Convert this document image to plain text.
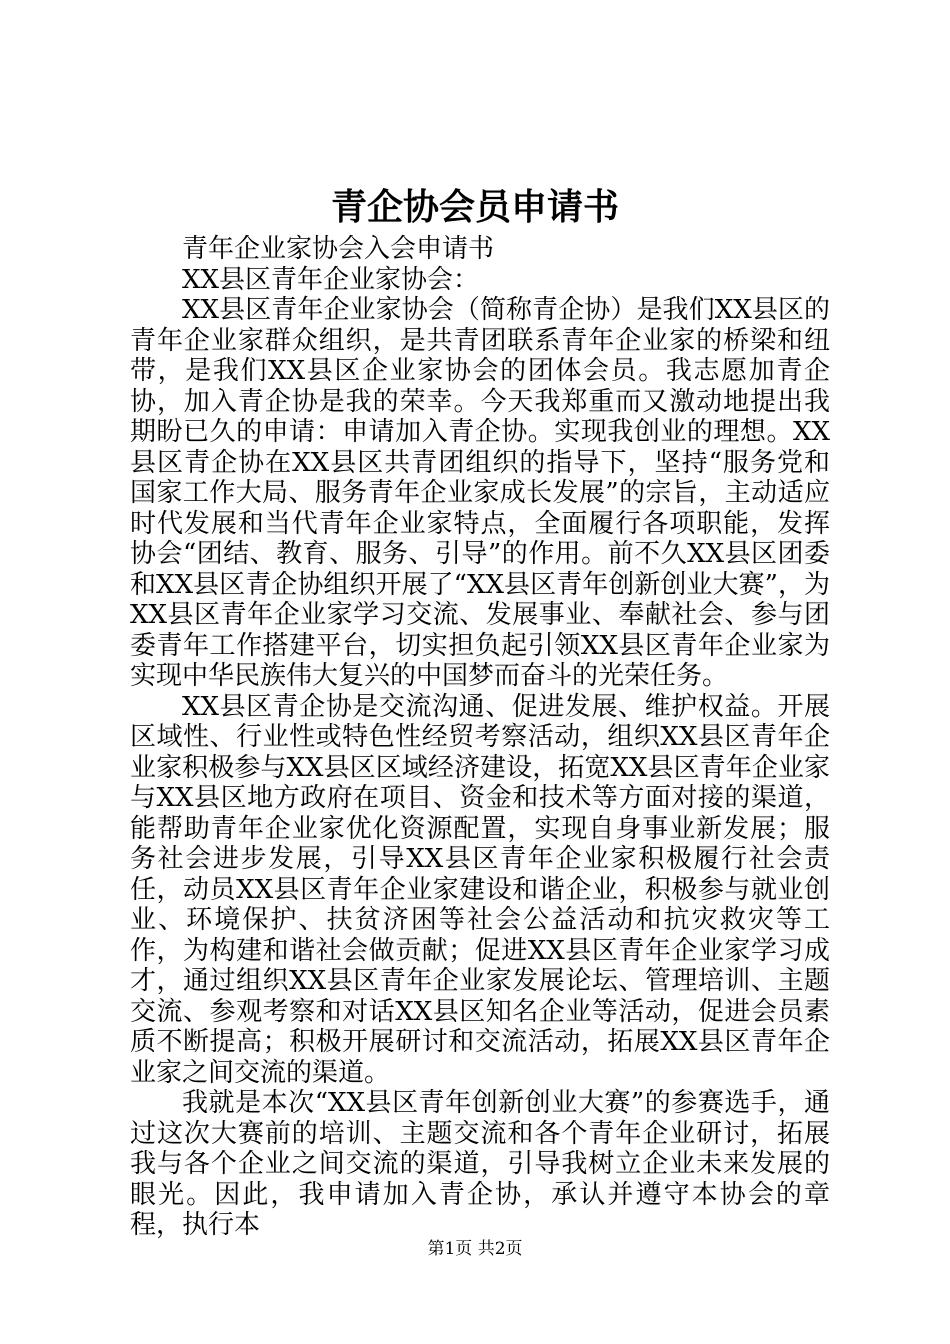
青企协会员申请书

青年企业家协会入会申请书

XX县区青年企业家协会：

XX县区青年企业家协会（简称青企协）是我们XX县区的青年企业家群众组织，是共青团联系青年企业家的桥梁和纽带，是我们XX县区企业家协会的团体会员。我志愿加青企协，加入青企协是我的荣幸。今天我郑重而又激动地提出我期盼已久的申请：申请加入青企协。实现我创业的理想。XX县区青企协在XX县区共青团组织的指导下，坚持“服务党和国家工作大局、服务青年企业家成长发展”的宗旨，主动适应时代发展和当代青年企业家特点，全面履行各项职能，发挥协会“团结、教育、服务、引导”的作用。前不久XX县区团委和XX县区青企协组织开展了“XX县区青年创新创业大赛”，为XX县区青年企业家学习交流、发展事业、奉献社会、参与团委青年工作搭建平台，切实担负起引领XX县区青年企业家为实现中华民族伟大复兴的中国梦而奋斗的光荣任务。

XX县区青企协是交流沟通、促进发展、维护权益。开展区域性、行业性或特色性经贸考察活动，组织XX县区青年企业家积极参与XX县区区域经济建设，拓宽XX县区青年企业家与XX县区地方政府在项目、资金和技术等方面对接的渠道，能帮助青年企业家优化资源配置，实现自身事业新发展；服务社会进步发展，引导XX县区青年企业家积极履行社会责任，动员XX县区青年企业家建设和谐企业，积极参与就业创业、环境保护、扶贫济困等社会公益活动和抗灾救灾等工作，为构建和谐社会做贡献；促进XX县区青年企业家学习成才，通过组织XX县区青年企业家发展论坛、管理培训、主题交流、参观考察和对话XX县区知名企业等活动，促进会员素质不断提高；积极开展研讨和交流活动，拓展XX县区青年企业家之间交流的渠道。

我就是本次“XX县区青年创新创业大赛”的参赛选手，通过这次大赛前的培训、主题交流和各个青年企业研讨，拓展我与各个企业之间交流的渠道，引导我树立企业未来发展的眼光。因此，我申请加入青企协，承认并遵守本协会的章程，执行本

第1页 共2页
